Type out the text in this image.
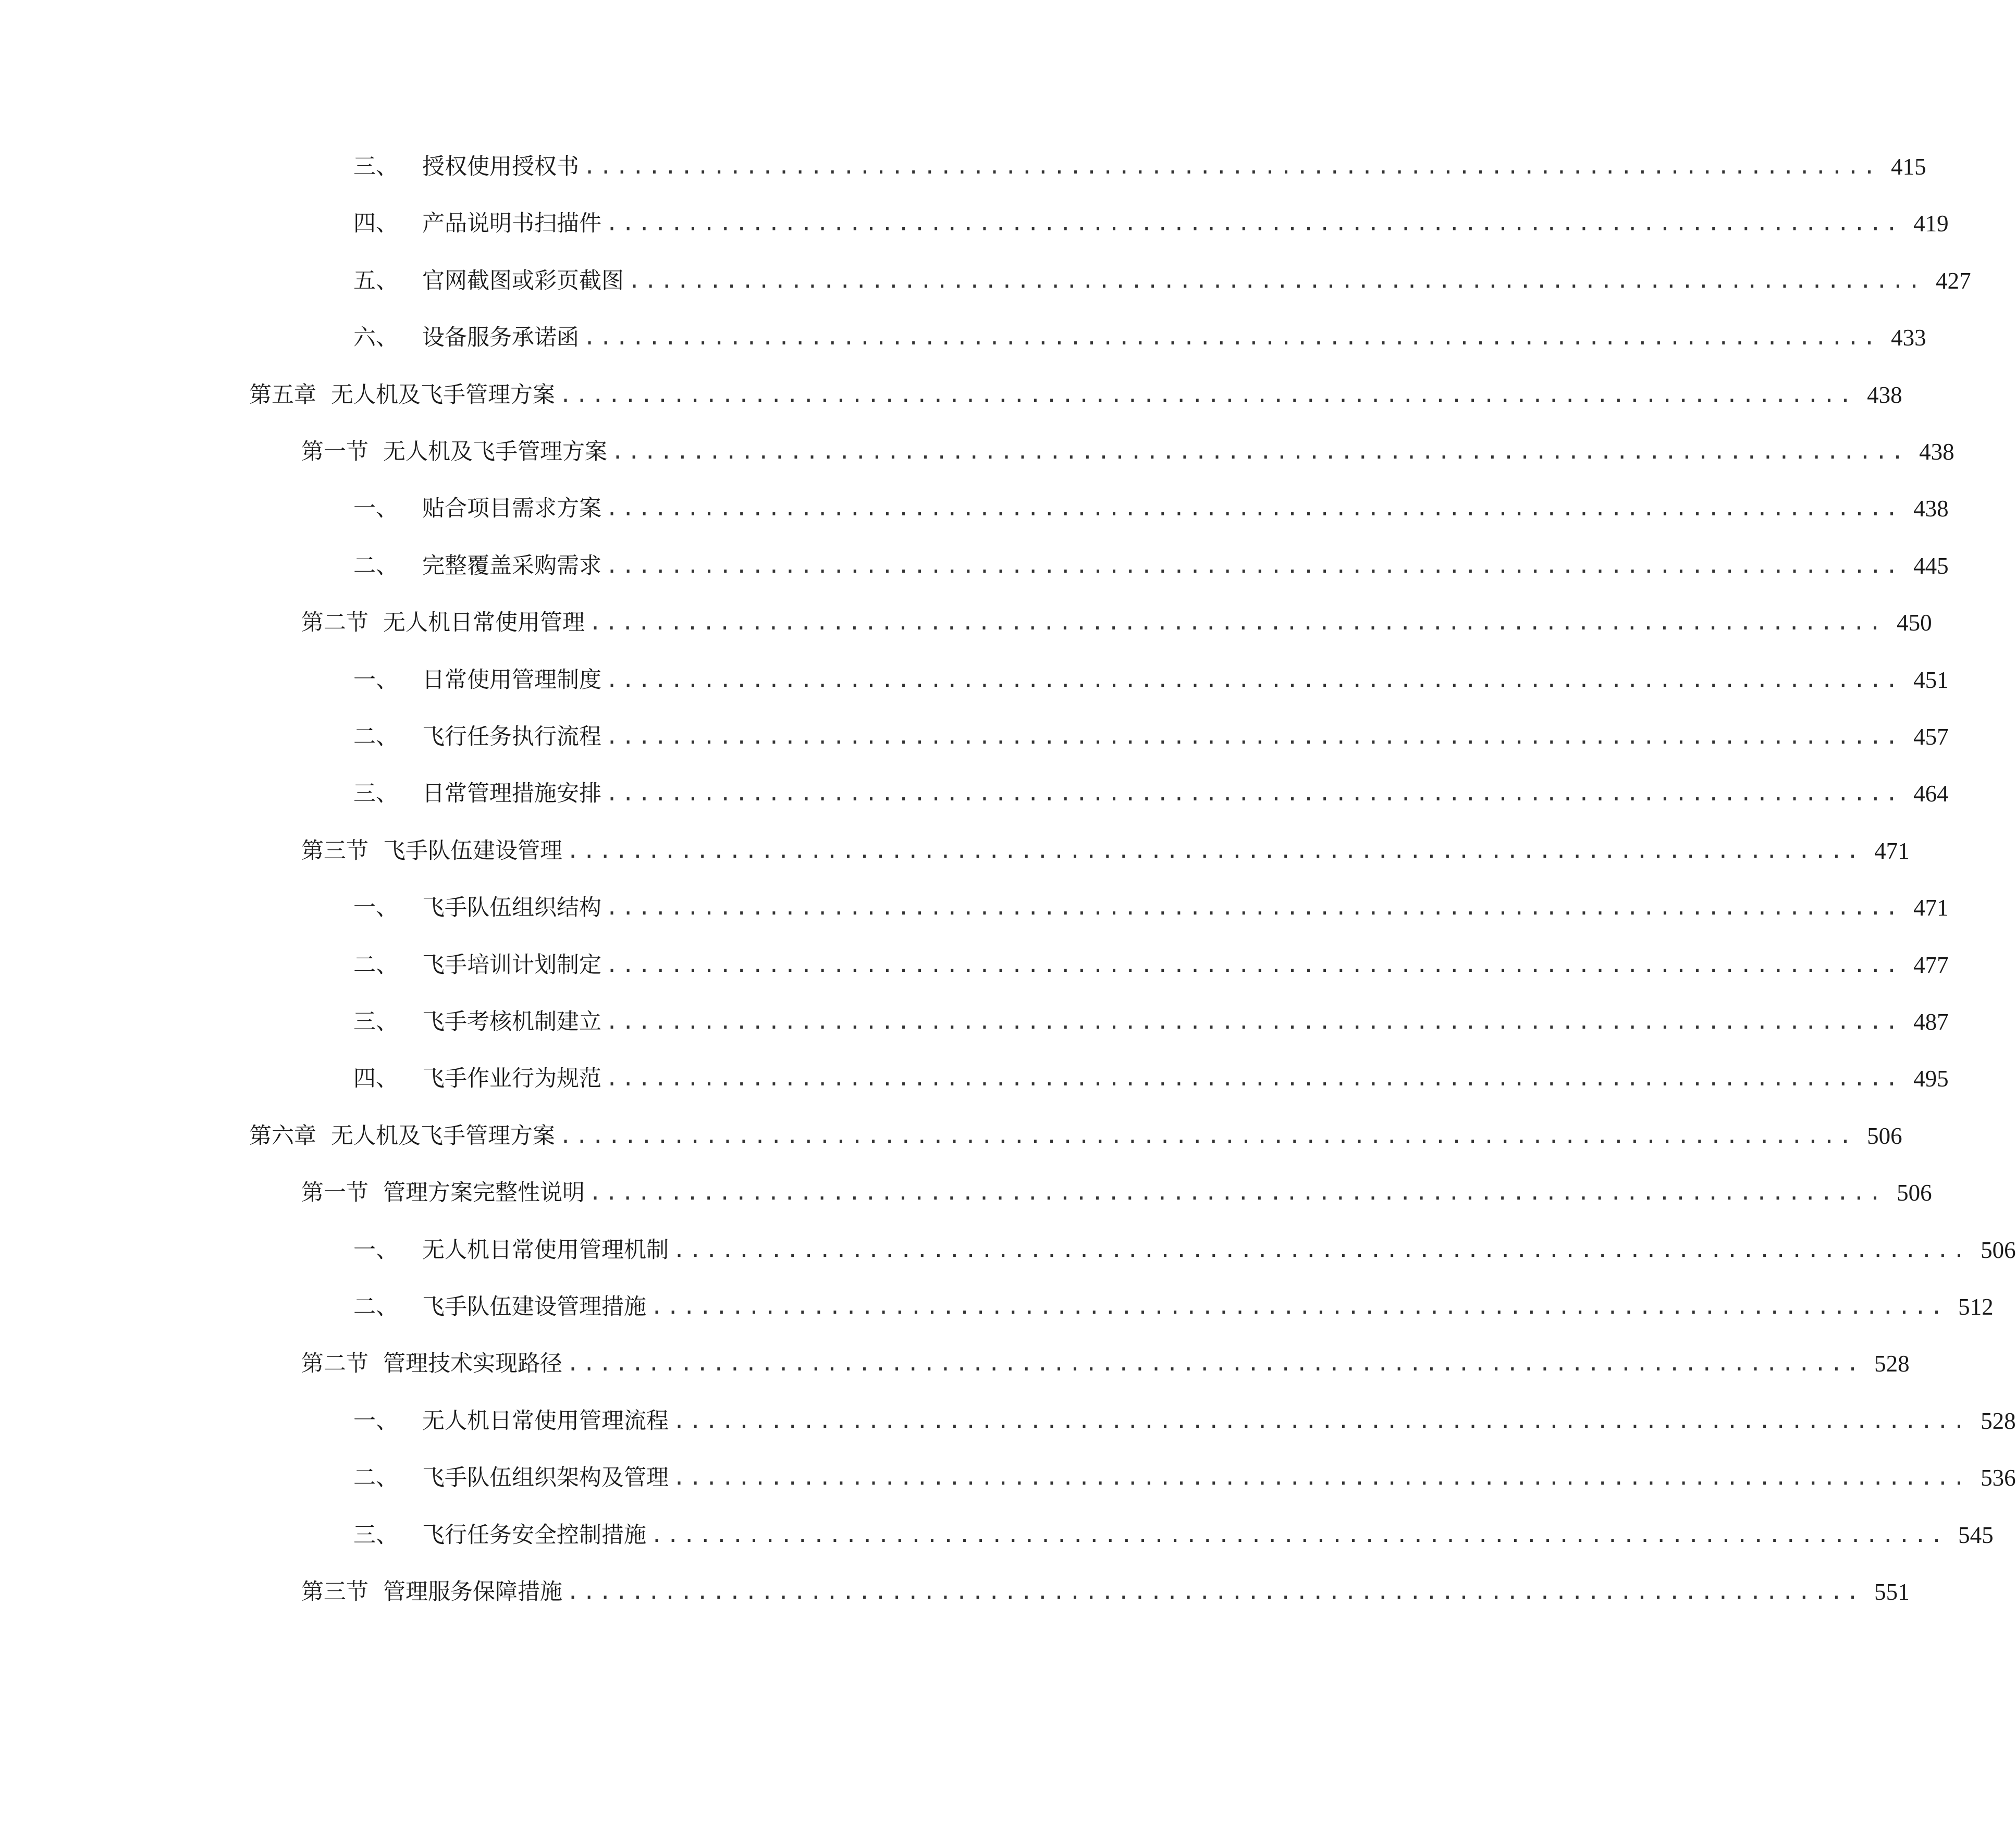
三、 授权使用授权书 ................................................................................ 415
四、 产品说明书扫描件 ................................................................................ 419
五、 官网截图或彩页截图 ................................................................................ 427
六、 设备服务承诺函 ................................................................................ 433
第五章 无人机及飞手管理方案 ................................................................................ 438
第一节 无人机及飞手管理方案 ................................................................................ 438
一、 贴合项目需求方案 ................................................................................ 438
二、 完整覆盖采购需求 ................................................................................ 445
第二节 无人机日常使用管理 ................................................................................ 450
一、 日常使用管理制度 ................................................................................ 451
二、 飞行任务执行流程 ................................................................................ 457
三、 日常管理措施安排 ................................................................................ 464
第三节 飞手队伍建设管理 ................................................................................ 471
一、 飞手队伍组织结构 ................................................................................ 471
二、 飞手培训计划制定 ................................................................................ 477
三、 飞手考核机制建立 ................................................................................ 487
四、 飞手作业行为规范 ................................................................................ 495
第六章 无人机及飞手管理方案 ................................................................................ 506
第一节 管理方案完整性说明 ................................................................................ 506
一、 无人机日常使用管理机制 ................................................................................ 506
二、 飞手队伍建设管理措施 ................................................................................ 512
第二节 管理技术实现路径 ................................................................................ 528
一、 无人机日常使用管理流程 ................................................................................ 528
二、 飞手队伍组织架构及管理 ................................................................................ 536
三、 飞行任务安全控制措施 ................................................................................ 545
第三节 管理服务保障措施 ................................................................................ 551
